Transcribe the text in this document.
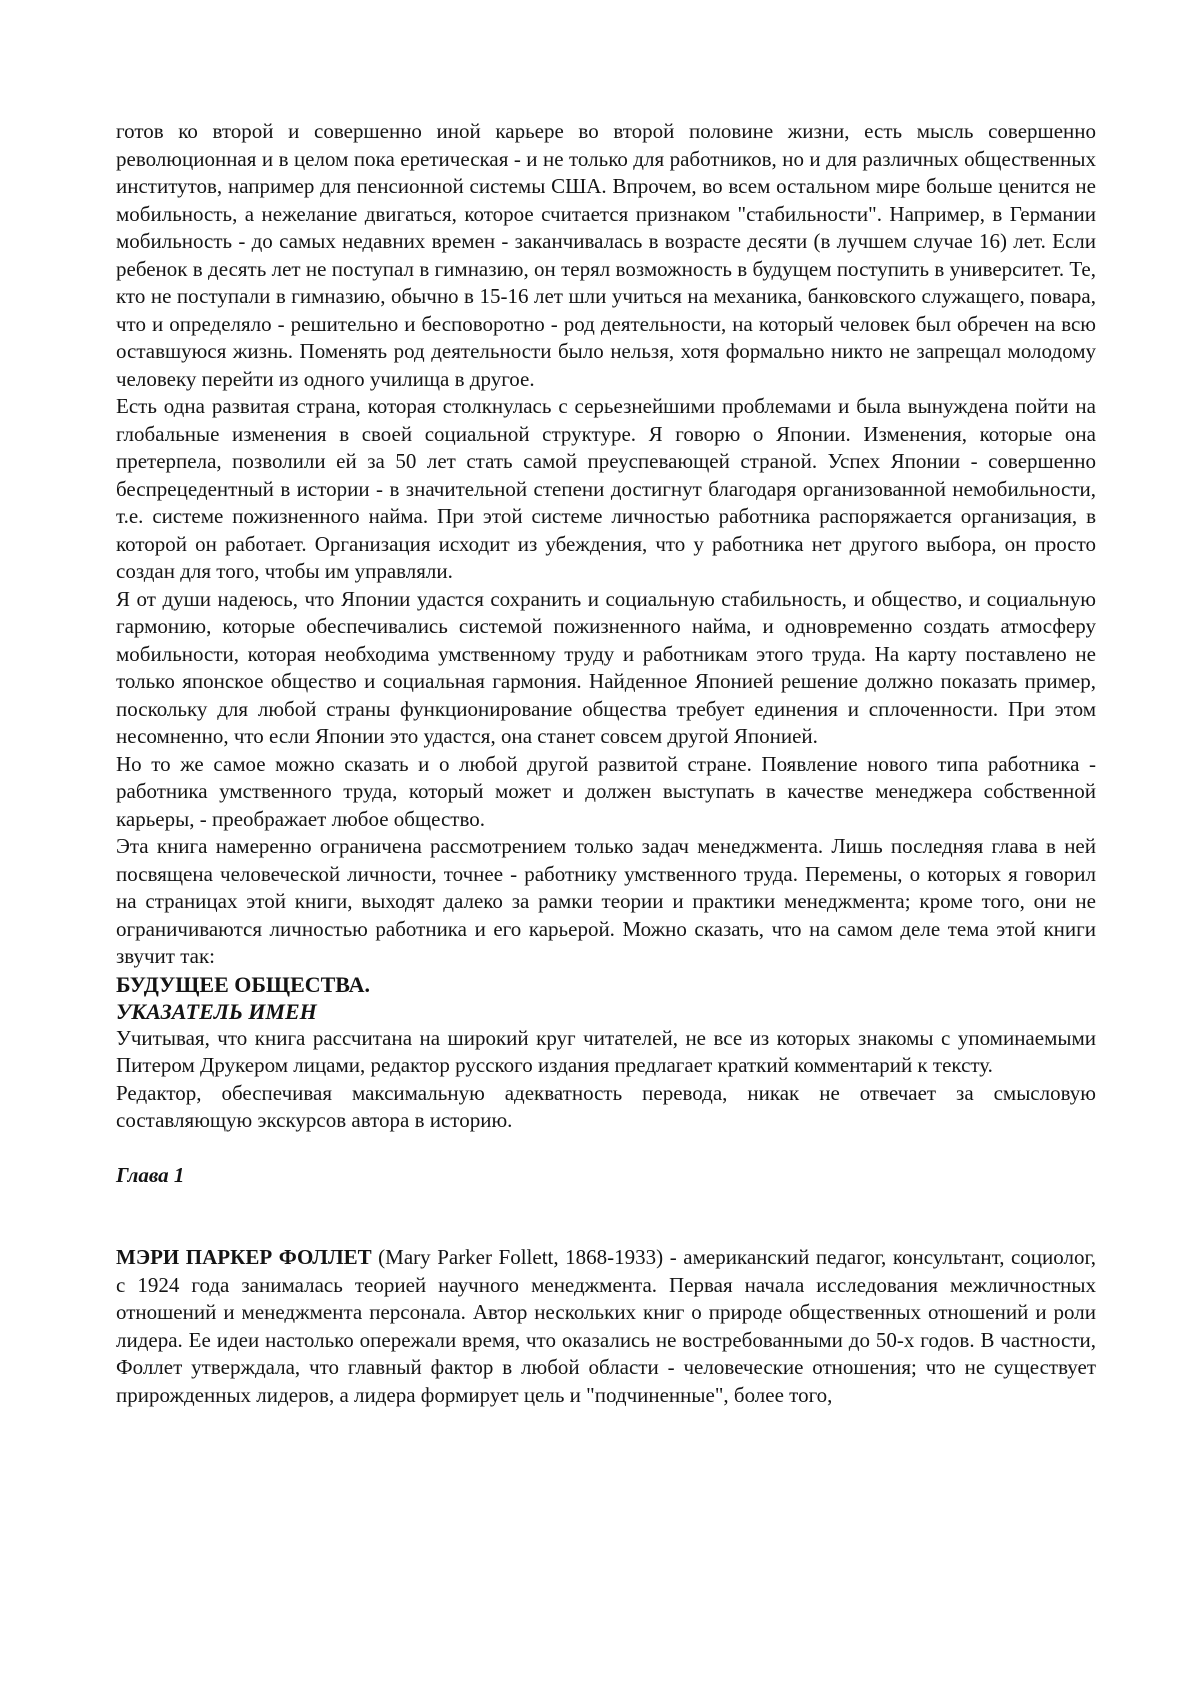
готов ко второй и совершенно иной карьере во второй половине жизни, есть мысль совершенно революционная и в целом пока еретическая - и не только для работников, но и для различных общественных институтов, например для пенсионной системы США. Впрочем, во всем остальном мире больше ценится не мобильность, а нежелание двигаться, которое считается признаком "стабильности". Например, в Германии мобильность - до самых недавних времен - заканчивалась в возрасте десяти (в лучшем случае 16) лет. Если ребенок в десять лет не поступал в гимназию, он терял возможность в будущем поступить в университет. Те, кто не поступали в гимназию, обычно в 15-16 лет шли учиться на механика, банковского служащего, повара, что и определяло - решительно и бесповоротно - род деятельности, на который человек был обречен на всю оставшуюся жизнь. Поменять род деятельности было нельзя, хотя формально никто не запрещал молодому человеку перейти из одного училища в другое.

Есть одна развитая страна, которая столкнулась с серьезнейшими проблемами и была вынуждена пойти на глобальные изменения в своей социальной структуре. Я говорю о Японии. Изменения, которые она претерпела, позволили ей за 50 лет стать самой преуспевающей страной. Успех Японии - совершенно беспрецедентный в истории - в значительной степени достигнут благодаря организованной немобильности, т.е. системе пожизненного найма. При этой системе личностью работника распоряжается организация, в которой он работает. Организация исходит из убеждения, что у работника нет другого выбора, он просто создан для того, чтобы им управляли.

Я от души надеюсь, что Японии удастся сохранить и социальную стабильность, и общество, и социальную гармонию, которые обеспечивались системой пожизненного найма, и одновременно создать атмосферу мобильности, которая необходима умственному труду и работникам этого труда. На карту поставлено не только японское общество и социальная гармония. Найденное Японией решение должно показать пример, поскольку для любой страны функционирование общества требует единения и сплоченности. При этом несомненно, что если Японии это удастся, она станет совсем другой Японией.

Но то же самое можно сказать и о любой другой развитой стране. Появление нового типа работника - работника умственного труда, который может и должен выступать в качестве менеджера собственной карьеры, - преображает любое общество.

Эта книга намеренно ограничена рассмотрением только задач менеджмента. Лишь последняя глава в ней посвящена человеческой личности, точнее - работнику умственного труда. Перемены, о которых я говорил на страницах этой книги, выходят далеко за рамки теории и практики менеджмента; кроме того, они не ограничиваются личностью работника и его карьерой. Можно сказать, что на самом деле тема этой книги звучит так:

БУДУЩЕЕ ОБЩЕСТВА.

УКАЗАТЕЛЬ ИМЕН

Учитывая, что книга рассчитана на широкий круг читателей, не все из которых знакомы с упоминаемыми Питером Друкером лицами, редактор русского издания предлагает краткий комментарий к тексту.

Редактор, обеспечивая максимальную адекватность перевода, никак не отвечает за смысловую составляющую экскурсов автора в историю.

Глава 1

МЭРИ ПАРКЕР ФОЛЛЕТ (Mary Parker Follett, 1868-1933) - американский педагог, консультант, социолог, с 1924 года занималась теорией научного менеджмента. Первая начала исследования межличностных отношений и менеджмента персонала. Автор нескольких книг о природе общественных отношений и роли лидера. Ее идеи настолько опережали время, что оказались не востребованными до 50-х годов. В частности, Фоллет утверждала, что главный фактор в любой области - человеческие отношения; что не существует прирожденных лидеров, а лидера формирует цель и "подчиненные", более того,
